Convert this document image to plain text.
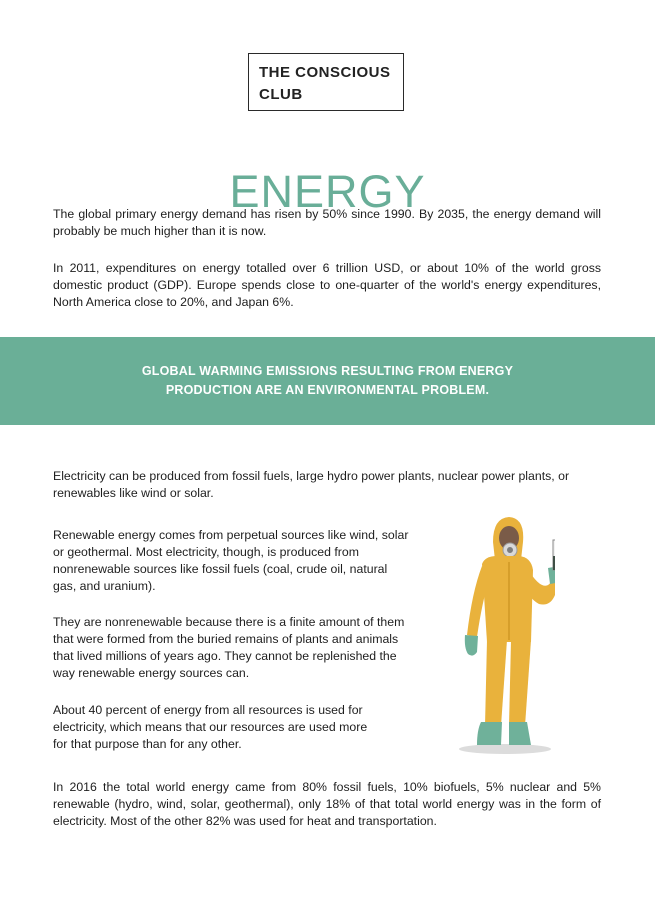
THE CONSCIOUS
CLUB
ENERGY

The global primary energy demand has risen by 50% since 1990. By 2035, the energy demand will probably be much higher than it is now.

In 2011, expenditures on energy totalled over 6 trillion USD, or about 10% of the world gross domestic product (GDP). Europe spends close to one-quarter of the world's energy expenditures, North America close to 20%, and Japan 6%.

GLOBAL WARMING EMISSIONS RESULTING FROM ENERGY PRODUCTION ARE AN ENVIRONMENTAL PROBLEM.

Electricity can be produced from fossil fuels, large hydro power plants, nuclear power plants, or renewables like wind or solar.

Renewable energy comes from perpetual sources like wind, solar or geothermal. Most electricity, though, is produced from nonrenewable sources like fossil fuels (coal, crude oil, natural gas, and uranium).

They are nonrenewable because there is a finite amount of them that were formed from the buried remains of plants and animals that lived millions of years ago. They cannot be replenished the way renewable energy sources can.

About 40 percent of energy from all resources is used for electricity, which means that our resources are used more for that purpose than for any other.

In 2016 the total world energy came from 80% fossil fuels, 10% biofuels, 5% nuclear and 5% renewable (hydro, wind, solar, geothermal), only 18% of that total world energy was in the form of electricity. Most of the other 82% was used for heat and transportation.
